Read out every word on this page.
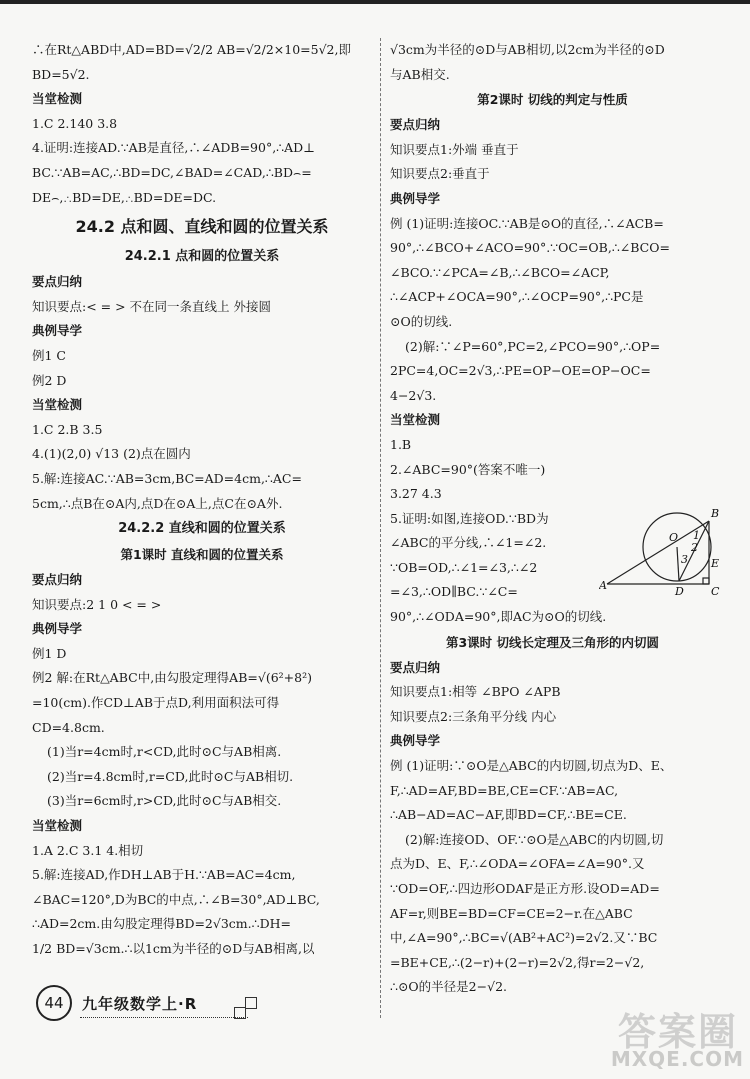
∴在Rt△ABD中,AD=BD=√2/2 AB=√2/2×10=5√2,即
BD=5√2.
当堂检测
1.C 2.140 3.8
4.证明:连接AD.∵AB是直径,∴∠ADB=90°,∴AD⊥
BC.∵AB=AC,∴BD=DC,∠BAD=∠CAD,∴BD⌢=
DE⌢,∴BD=DE,∴BD=DE=DC.
24.2 点和圆、直线和圆的位置关系
24.2.1 点和圆的位置关系
要点归纳
知识要点:< = > 不在同一条直线上 外接圆
典例导学
例1 C
例2 D
当堂检测
1.C 2.B 3.5
4.(1)(2,0) √13 (2)点在圆内
5.解:连接AC.∵AB=3cm,BC=AD=4cm,∴AC=
5cm,∴点B在⊙A内,点D在⊙A上,点C在⊙A外.
24.2.2 直线和圆的位置关系
第1课时 直线和圆的位置关系
要点归纳
知识要点:2 1 0 < = >
典例导学
例1 D
例2 解:在Rt△ABC中,由勾股定理得AB=√(6²+8²)
=10(cm).作CD⊥AB于点D,利用面积法可得
CD=4.8cm.
(1)当r=4cm时,r<CD,此时⊙C与AB相离.
(2)当r=4.8cm时,r=CD,此时⊙C与AB相切.
(3)当r=6cm时,r>CD,此时⊙C与AB相交.
当堂检测
1.A 2.C 3.1 4.相切
5.解:连接AD,作DH⊥AB于H.∵AB=AC=4cm,
∠BAC=120°,D为BC的中点,∴∠B=30°,AD⊥BC,
∴AD=2cm.由勾股定理得BD=2√3cm.∴DH=
1/2 BD=√3cm.∴以1cm为半径的⊙D与AB相离,以
√3cm为半径的⊙D与AB相切,以2cm为半径的⊙D
与AB相交.
第2课时 切线的判定与性质
要点归纳
知识要点1:外端 垂直于
知识要点2:垂直于
典例导学
例 (1)证明:连接OC.∵AB是⊙O的直径,∴∠ACB=
90°,∴∠BCO+∠ACO=90°.∵OC=OB,∴∠BCO=
∠BCO.∵∠PCA=∠B,∴∠BCO=∠ACP,
∴∠ACP+∠OCA=90°,∴∠OCP=90°,∴PC是
⊙O的切线.
(2)解:∵∠P=60°,PC=2,∠PCO=90°,∴OP=
2PC=4,OC=2√3,∴PE=OP−OE=OP−OC=
4−2√3.
当堂检测
1.B
2.∠ABC=90°(答案不唯一)
3.27 4.3
5.证明:如图,连接OD.∵BD为	B
O 1
2
3 E
A	D C
∠ABC的平分线,∴∠1=∠2.
∵OB=OD,∴∠1=∠3,∴∠2
=∠3,∴OD∥BC.∵∠C=
90°,∴∠ODA=90°,即AC为⊙O的切线.
第3课时 切线长定理及三角形的内切圆
要点归纳
知识要点1:相等 ∠BPO ∠APB
知识要点2:三条角平分线 内心
典例导学
例 (1)证明:∵⊙O是△ABC的内切圆,切点为D、E、
F,∴AD=AF,BD=BE,CE=CF.∵AB=AC,
∴AB−AD=AC−AF,即BD=CF,∴BE=CE.
(2)解:连接OD、OF.∵⊙O是△ABC的内切圆,切
点为D、E、F,∴∠ODA=∠OFA=∠A=90°.又
∵OD=OF,∴四边形ODAF是正方形.设OD=AD=
AF=r,则BE=BD=CF=CE=2−r.在△ABC
中,∠A=90°,∴BC=√(AB²+AC²)=2√2.又∵BC
=BE+CE,∴(2−r)+(2−r)=2√2,得r=2−√2,
∴⊙O的半径是2−√2.
44	九年级数学上·R
答案圈
MXQE.COM
